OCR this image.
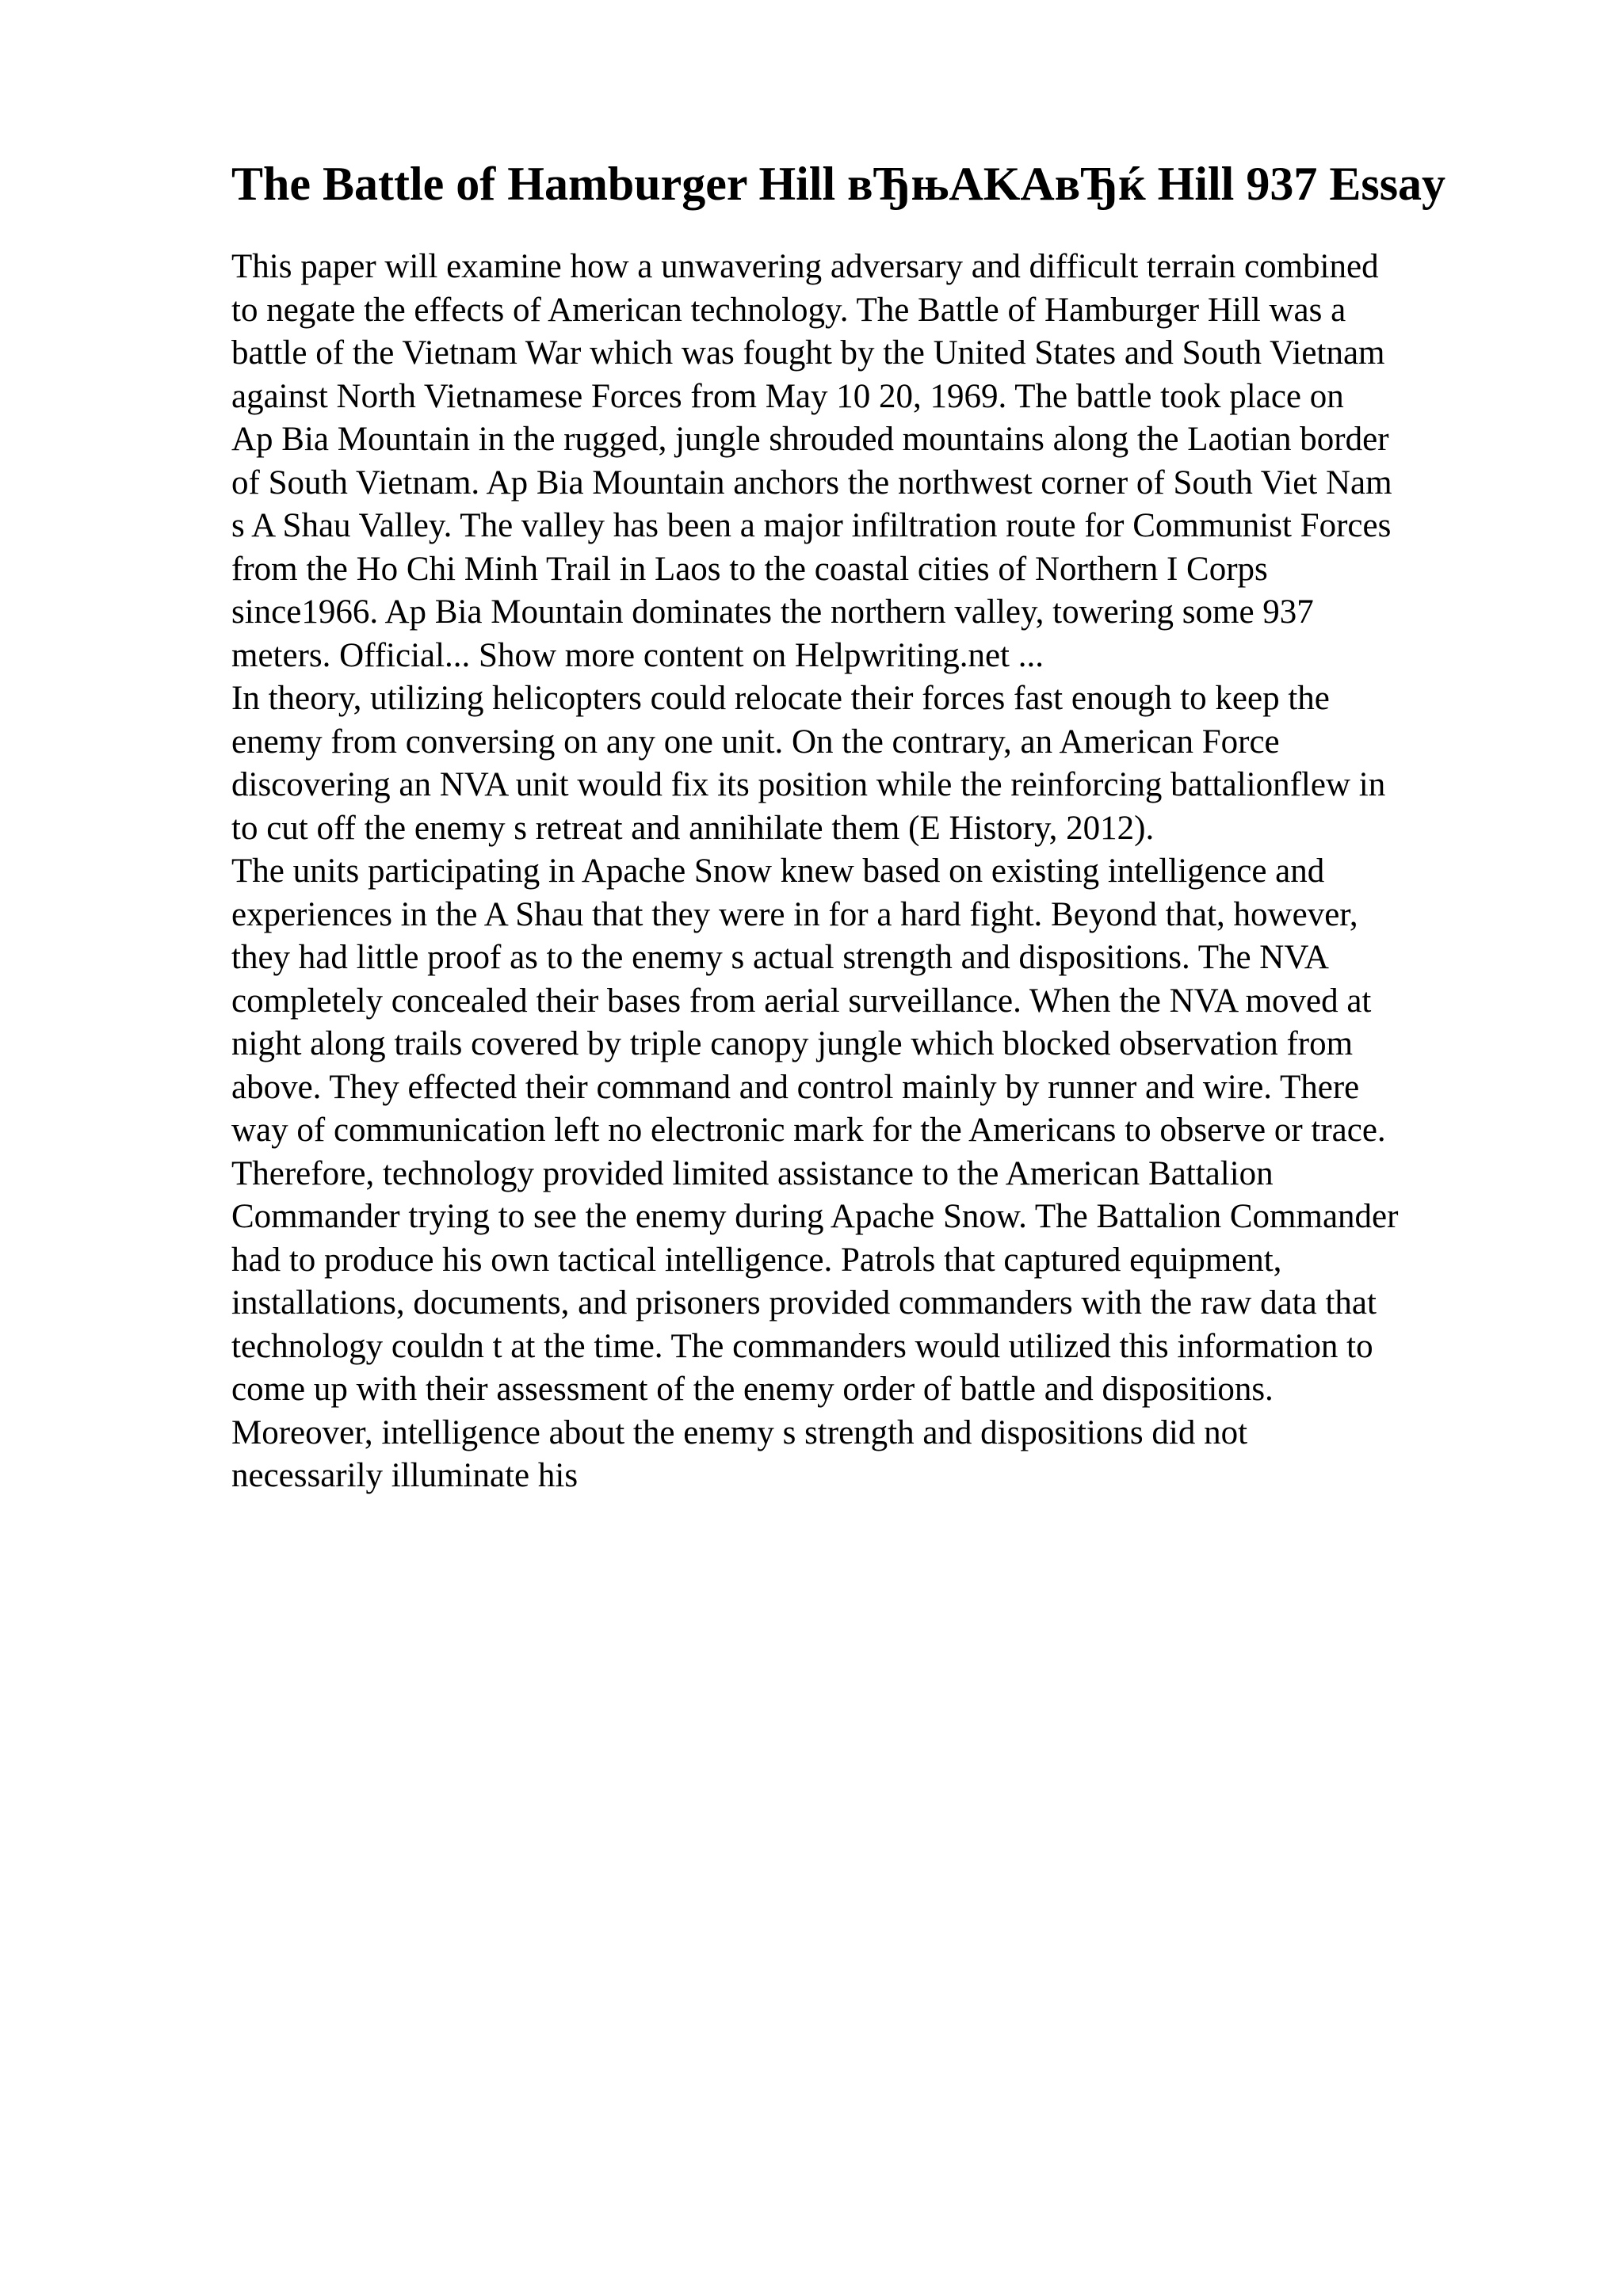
The Battle of Hamburger Hill вЂњAKAвЂќ Hill 937 Essay
This paper will examine how a unwavering adversary and difficult terrain combined
to negate the effects of American technology. The Battle of Hamburger Hill was a
battle of the Vietnam War which was fought by the United States and South Vietnam
against North Vietnamese Forces from May 10 20, 1969. The battle took place on
Ap Bia Mountain in the rugged, jungle shrouded mountains along the Laotian border
of South Vietnam. Ap Bia Mountain anchors the northwest corner of South Viet Nam
s A Shau Valley. The valley has been a major infiltration route for Communist Forces
from the Ho Chi Minh Trail in Laos to the coastal cities of Northern I Corps
since1966. Ap Bia Mountain dominates the northern valley, towering some 937
meters. Official... Show more content on Helpwriting.net ...
In theory, utilizing helicopters could relocate their forces fast enough to keep the
enemy from conversing on any one unit. On the contrary, an American Force
discovering an NVA unit would fix its position while the reinforcing battalionflew in
to cut off the enemy s retreat and annihilate them (E History, 2012).
The units participating in Apache Snow knew based on existing intelligence and
experiences in the A Shau that they were in for a hard fight. Beyond that, however,
they had little proof as to the enemy s actual strength and dispositions. The NVA
completely concealed their bases from aerial surveillance. When the NVA moved at
night along trails covered by triple canopy jungle which blocked observation from
above. They effected their command and control mainly by runner and wire. There
way of communication left no electronic mark for the Americans to observe or trace.
Therefore, technology provided limited assistance to the American Battalion
Commander trying to see the enemy during Apache Snow. The Battalion Commander
had to produce his own tactical intelligence. Patrols that captured equipment,
installations, documents, and prisoners provided commanders with the raw data that
technology couldn t at the time. The commanders would utilized this information to
come up with their assessment of the enemy order of battle and dispositions.
Moreover, intelligence about the enemy s strength and dispositions did not
necessarily illuminate his
